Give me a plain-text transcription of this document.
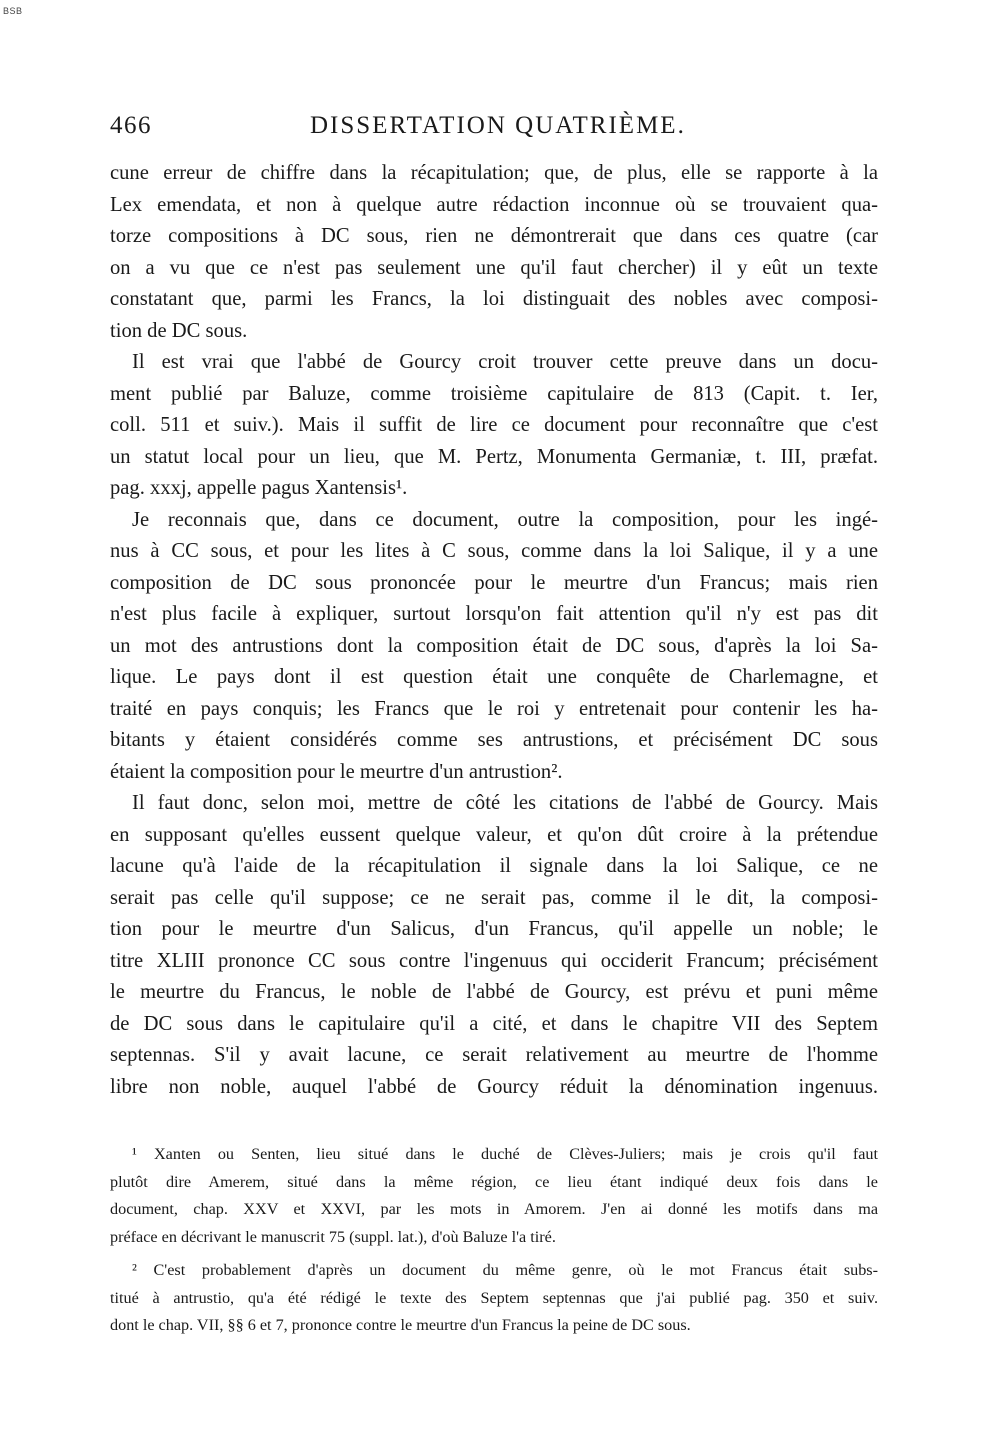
BSB
466	DISSERTATION QUATRIÈME.
cune erreur de chiffre dans la récapitulation; que, de plus, elle se rapporte à la
Lex emendata, et non à quelque autre rédaction inconnue où se trouvaient qua-
torze compositions à DC sous, rien ne démontrerait que dans ces quatre (car
on a vu que ce n'est pas seulement une qu'il faut chercher) il y eût un texte
constatant que, parmi les Francs, la loi distinguait des nobles avec composi-
tion de DC sous.
Il est vrai que l'abbé de Gourcy croit trouver cette preuve dans un docu-
ment publié par Baluze, comme troisième capitulaire de 813 (Capit. t. Ier,
coll. 511 et suiv.). Mais il suffit de lire ce document pour reconnaître que c'est
un statut local pour un lieu, que M. Pertz, Monumenta Germaniæ, t. III, præfat.
pag. xxxj, appelle pagus Xantensis¹.
Je reconnais que, dans ce document, outre la composition, pour les ingé-
nus à CC sous, et pour les lites à C sous, comme dans la loi Salique, il y a une
composition de DC sous prononcée pour le meurtre d'un Francus; mais rien
n'est plus facile à expliquer, surtout lorsqu'on fait attention qu'il n'y est pas dit
un mot des antrustions dont la composition était de DC sous, d'après la loi Sa-
lique. Le pays dont il est question était une conquête de Charlemagne, et
traité en pays conquis; les Francs que le roi y entretenait pour contenir les ha-
bitants y étaient considérés comme ses antrustions, et précisément DC sous
étaient la composition pour le meurtre d'un antrustion².
Il faut donc, selon moi, mettre de côté les citations de l'abbé de Gourcy. Mais
en supposant qu'elles eussent quelque valeur, et qu'on dût croire à la prétendue
lacune qu'à l'aide de la récapitulation il signale dans la loi Salique, ce ne
serait pas celle qu'il suppose; ce ne serait pas, comme il le dit, la composi-
tion pour le meurtre d'un Salicus, d'un Francus, qu'il appelle un noble; le
titre XLIII prononce CC sous contre l'ingenuus qui occiderit Francum; précisément
le meurtre du Francus, le noble de l'abbé de Gourcy, est prévu et puni même
de DC sous dans le capitulaire qu'il a cité, et dans le chapitre VII des Septem
septennas. S'il y avait lacune, ce serait relativement au meurtre de l'homme
libre non noble, auquel l'abbé de Gourcy réduit la dénomination ingenuus.
¹ Xanten ou Senten, lieu situé dans le duché de Clèves-Juliers; mais je crois qu'il faut
plutôt dire Amerem, situé dans la même région, ce lieu étant indiqué deux fois dans le
document, chap. XXV et XXVI, par les mots in Amorem. J'en ai donné les motifs dans ma
préface en décrivant le manuscrit 75 (suppl. lat.), d'où Baluze l'a tiré.
² C'est probablement d'après un document du même genre, où le mot Francus était subs-
titué à antrustio, qu'a été rédigé le texte des Septem septennas que j'ai publié pag. 350 et suiv.
dont le chap. VII, §§ 6 et 7, prononce contre le meurtre d'un Francus la peine de DC sous.
